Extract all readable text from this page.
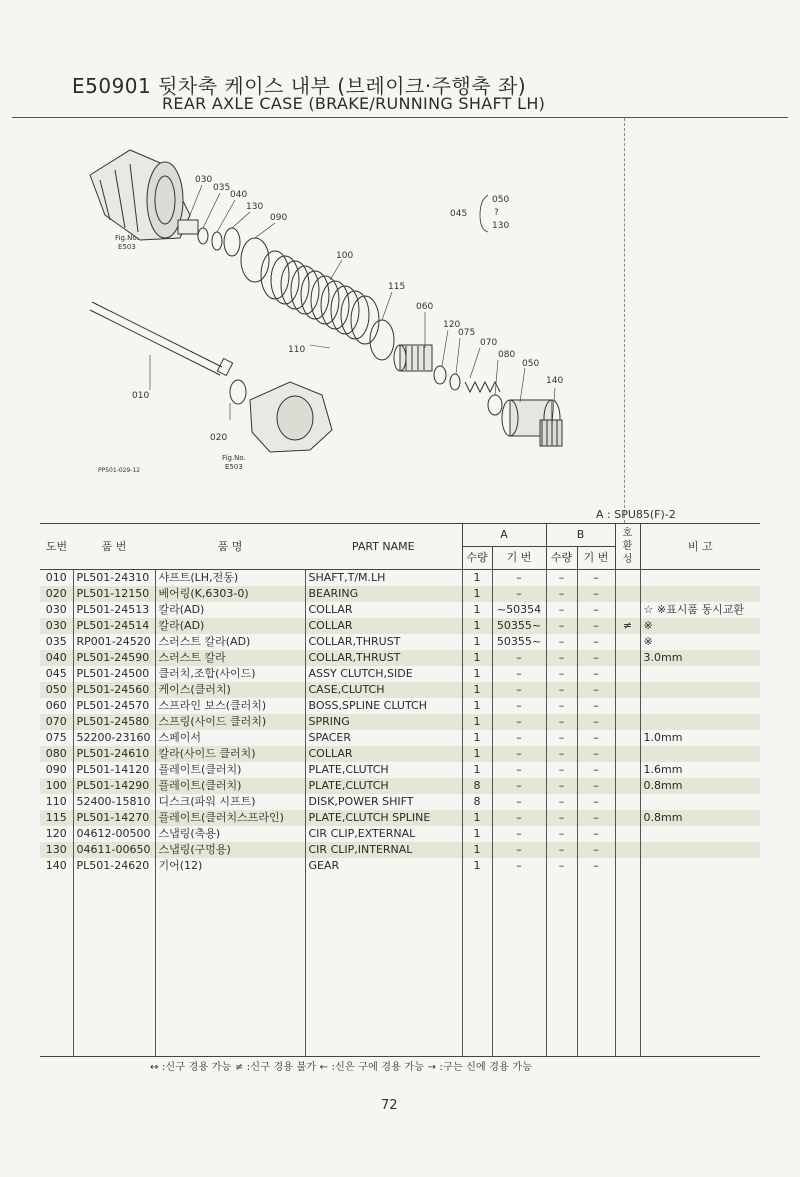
E50901 뒷차축 케이스 내부 (브레이크·주행축 좌)
REAR AXLE CASE (BRAKE/RUNNING SHAFT LH)
030
035
040
130
090
100
115
060
120
075
070
080
050
140
110
010
020
050
?
130
045
Fig.No.
E503
Fig.No.
E503
PP501-029-12
A : SPU85(F)-2
도번	품 번	품 명	PART NAME	A		B		호환성	비 고
				수량	기 번	수량	기 번		
010	PL501-24310	샤프트(LH,전동)	SHAFT,T/M.LH	1	–	–	–		
020	PL501-12150	베어링(K,6303-0)	BEARING	1	–	–	–		
030	PL501-24513	칼라(AD)	COLLAR	1	~50354	–	–		☆ ※표시품 동시교환
030	PL501-24514	칼라(AD)	COLLAR	1	50355~	–	–	≠	※
035	RP001-24520	스러스트 칼라(AD)	COLLAR,THRUST	1	50355~	–	–		※
040	PL501-24590	스러스트 칼라	COLLAR,THRUST	1	–	–	–		3.0mm
045	PL501-24500	클러치,조합(사이드)	ASSY CLUTCH,SIDE	1	–	–	–		
050	PL501-24560	케이스(클러치)	CASE,CLUTCH	1	–	–	–		
060	PL501-24570	스프라인 보스(클러치)	BOSS,SPLINE CLUTCH	1	–	–	–		
070	PL501-24580	스프링(사이드 클러치)	SPRING	1	–	–	–		
075	52200-23160	스페이서	SPACER	1	–	–	–		1.0mm
080	PL501-24610	칼라(사이드 클러치)	COLLAR	1	–	–	–		
090	PL501-14120	플레이트(클러치)	PLATE,CLUTCH	1	–	–	–		1.6mm
100	PL501-14290	플레이트(클러치)	PLATE,CLUTCH	8	–	–	–		0.8mm
110	52400-15810	디스크(파워 시프트)	DISK,POWER SHIFT	8	–	–	–		
115	PL501-14270	플레이트(클러치스프라인)	PLATE,CLUTCH SPLINE	1	–	–	–		0.8mm
120	04612-00500	스냅링(축용)	CIR CLIP,EXTERNAL	1	–	–	–		
130	04611-00650	스냅링(구멍용)	CIR CLIP,INTERNAL	1	–	–	–		
140	PL501-24620	기어(12)	GEAR	1	–	–	–		

↔ :신구 경용 가능 ≠ :신구 경용 불가 ← :신은 구에 경용 가능 → :구는 신에 경용 가능
72
